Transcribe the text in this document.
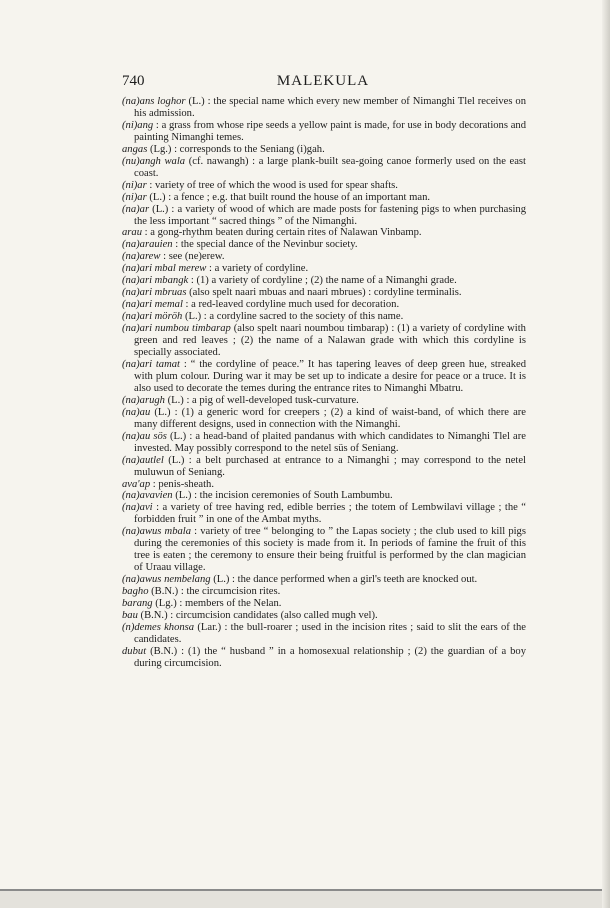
740	MALEKULA

(na)ans loghor (L.) : the special name which every new member of Nimanghi Tlel receives on his admission.

(ni)ang : a grass from whose ripe seeds a yellow paint is made, for use in body decorations and painting Nimanghi temes.

angas (Lg.) : corresponds to the Seniang (i)gah.

(nu)angh wala (cf. nawangh) : a large plank-built sea-going canoe formerly used on the east coast.

(ni)ar : variety of tree of which the wood is used for spear shafts.

(ni)ar (L.) : a fence ; e.g. that built round the house of an important man.

(na)ar (L.) : a variety of wood of which are made posts for fastening pigs to when purchasing the less important “ sacred things ” of the Nimanghi.

arau : a gong-rhythm beaten during certain rites of Nalawan Vinbamp.

(na)arauien : the special dance of the Nevinbur society.

(na)arew : see (ne)erew.

(na)ari mbal merew : a variety of cordyline.

(na)ari mbangk : (1) a variety of cordyline ; (2) the name of a Nimanghi grade.

(na)ari mbruas (also spelt naari mbuas and naari mbrues) : cordyline terminalis.

(na)ari memal : a red-leaved cordyline much used for decoration.

(na)ari möröh (L.) : a cordyline sacred to the society of this name.

(na)ari numbou timbarap (also spelt naari noumbou timbarap) : (1) a variety of cordyline with green and red leaves ; (2) the name of a Nalawan grade with which this cordyline is specially associated.

(na)ari tamat : “ the cordyline of peace.” It has tapering leaves of deep green hue, streaked with plum colour. During war it may be set up to indicate a desire for peace or a truce. It is also used to decorate the temes during the entrance rites to Nimanghi Mbatru.

(na)arugh (L.) : a pig of well-developed tusk-curvature.

(na)au (L.) : (1) a generic word for creepers ; (2) a kind of waist-band, of which there are many different designs, used in connection with the Nimanghi.

(na)au sös (L.) : a head-band of plaited pandanus with which candidates to Nimanghi Tlel are invested. May possibly correspond to the netel süs of Seniang.

(na)autlel (L.) : a belt purchased at entrance to a Nimanghi ; may correspond to the netel muluwun of Seniang.

ava'ap : penis-sheath.

(na)avavien (L.) : the incision ceremonies of South Lambumbu.

(na)avi : a variety of tree having red, edible berries ; the totem of Lembwilavi village ; the “ forbidden fruit ” in one of the Ambat myths.

(na)awus mbala : variety of tree “ belonging to ” the Lapas society ; the club used to kill pigs during the ceremonies of this society is made from it. In periods of famine the fruit of this tree is eaten ; the ceremony to ensure their being fruitful is performed by the clan magician of Uraau village.

(na)awus nembelang (L.) : the dance performed when a girl's teeth are knocked out.

bagho (B.N.) : the circumcision rites.

barang (Lg.) : members of the Nelan.

bau (B.N.) : circumcision candidates (also called mugh vel).

(n)demes khonsa (Lar.) : the bull-roarer ; used in the incision rites ; said to slit the ears of the candidates.

dubut (B.N.) : (1) the “ husband ” in a homosexual relationship ; (2) the guardian of a boy during circumcision.
